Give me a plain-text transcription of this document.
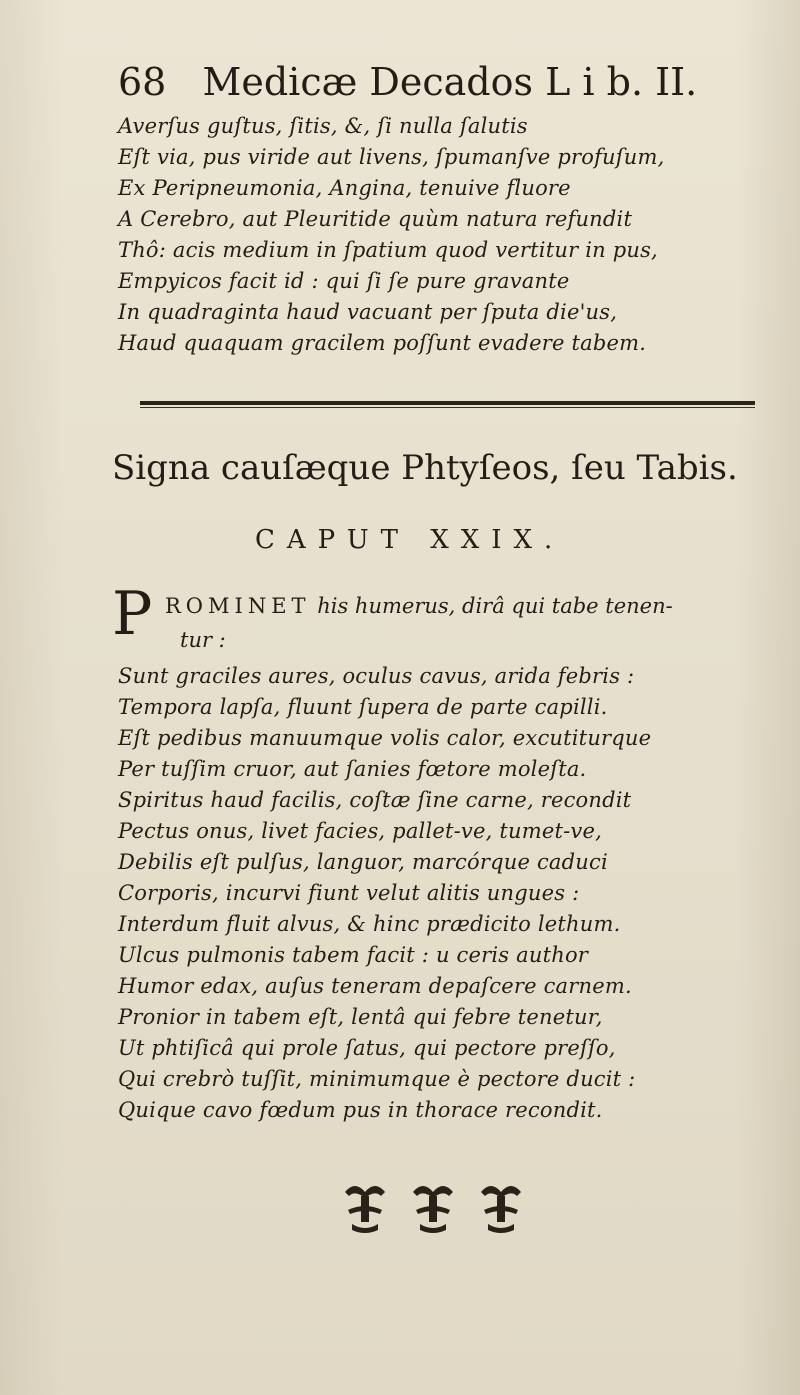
68 Medicæ Decados L i b. II.
Averſus guſtus, ſitis, &, ſi nulla ſalutis
Eſt via, pus viride aut livens, ſpumanſve profuſum,
Ex Peripneumonia, Angina, tenuive fluore
A Cerebro, aut Pleuritide quùm natura refundit
Thô: acis medium in ſpatium quod vertitur in pus,
Empyicos facit id : qui ſi ſe pure gravante
In quadraginta haud vacuant per ſputa die'us,
Haud quaquam gracilem poſſunt evadere tabem.
Signa cauſæque Phtyſeos, ſeu Tabis.
CAPUT XXIX.
P ROMINET his humerus, dirâ qui tabe tenen-
tur :
Sunt graciles aures, oculus cavus, arida febris :
Tempora lapſa, fluunt ſupera de parte capilli.
Eſt pedibus manuumque volis calor, excutiturque
Per tuſſim cruor, aut ſanies fœtore moleſta.
Spiritus haud facilis, coſtæ ſine carne, recondit
Pectus onus, livet facies, pallet-ve, tumet-ve,
Debilis eſt pulſus, languor, marcórque caduci
Corporis, incurvi fiunt velut alitis ungues :
Interdum fluit alvus, & hinc prædicito lethum.
Ulcus pulmonis tabem facit : u ceris author
Humor edax, auſus teneram depaſcere carnem.
Pronior in tabem eſt, lentâ qui febre tenetur,
Ut phtiſicâ qui prole ſatus, qui pectore preſſo,
Qui crebrò tuſſit, minimumque è pectore ducit :
Quique cavo fœdum pus in thorace recondit.
